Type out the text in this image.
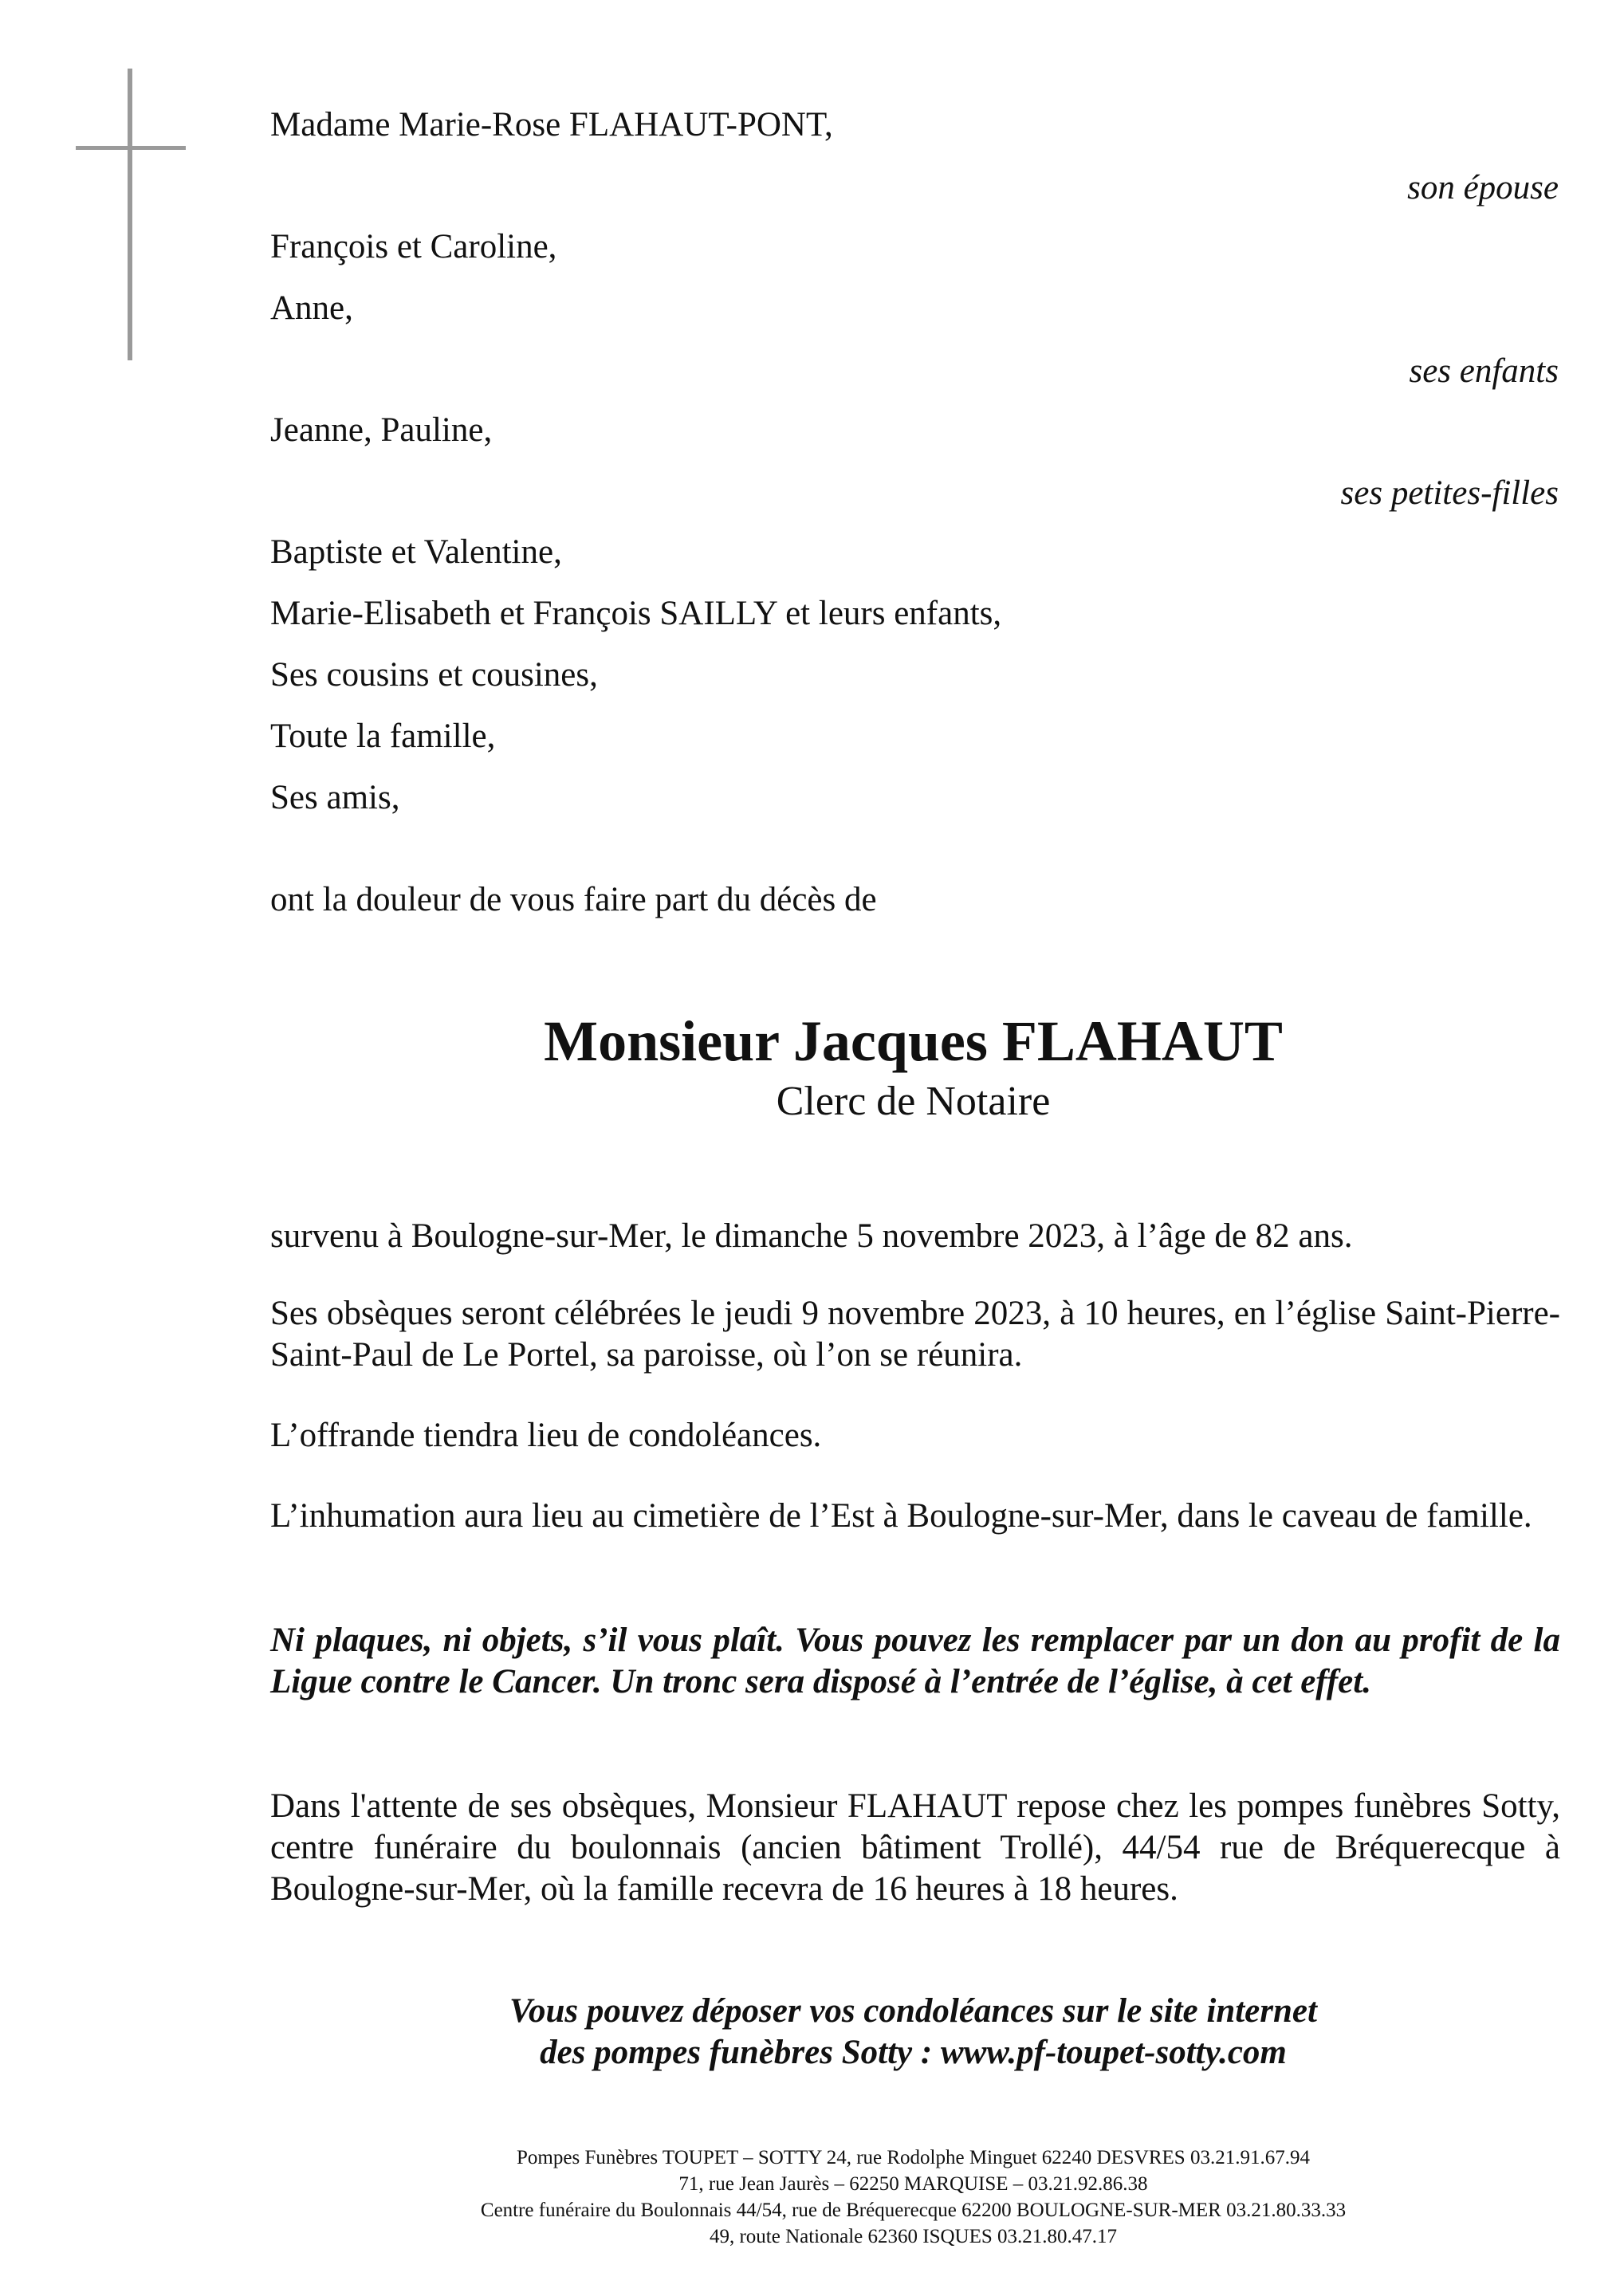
Madame Marie-Rose FLAHAUT-PONT,
son épouse
François et Caroline,
Anne,
ses enfants
Jeanne, Pauline,
ses petites-filles
Baptiste et Valentine,
Marie-Elisabeth et François SAILLY et leurs enfants,
Ses cousins et cousines,
Toute la famille,
Ses amis,
ont la douleur de vous faire part du décès de
Monsieur Jacques FLAHAUT
Clerc de Notaire
survenu à Boulogne-sur-Mer, le dimanche 5 novembre 2023, à l’âge de 82 ans.
Ses obsèques seront célébrées le jeudi 9 novembre 2023, à 10 heures, en l’église Saint-Pierre-Saint-Paul de Le Portel, sa paroisse, où l’on se réunira.
L’offrande tiendra lieu de condoléances.
L’inhumation aura lieu au cimetière de l’Est à Boulogne-sur-Mer, dans le caveau de famille.
Ni plaques, ni objets, s’il vous plaît. Vous pouvez les remplacer par un don au profit de la Ligue contre le Cancer. Un tronc sera disposé à l’entrée de l’église, à cet effet.
Dans l'attente de ses obsèques, Monsieur FLAHAUT repose chez les pompes funèbres Sotty, centre funéraire du boulonnais (ancien bâtiment Trollé), 44/54 rue de Bréquerecque à Boulogne-sur-Mer, où la famille recevra de 16 heures à 18 heures.
Vous pouvez déposer vos condoléances sur le site internet
des pompes funèbres Sotty : www.pf-toupet-sotty.com
Pompes Funèbres TOUPET – SOTTY 24, rue Rodolphe Minguet 62240 DESVRES 03.21.91.67.94
71, rue Jean Jaurès – 62250 MARQUISE – 03.21.92.86.38
Centre funéraire du Boulonnais 44/54, rue de Bréquerecque 62200 BOULOGNE-SUR-MER 03.21.80.33.33
49, route Nationale 62360 ISQUES 03.21.80.47.17
